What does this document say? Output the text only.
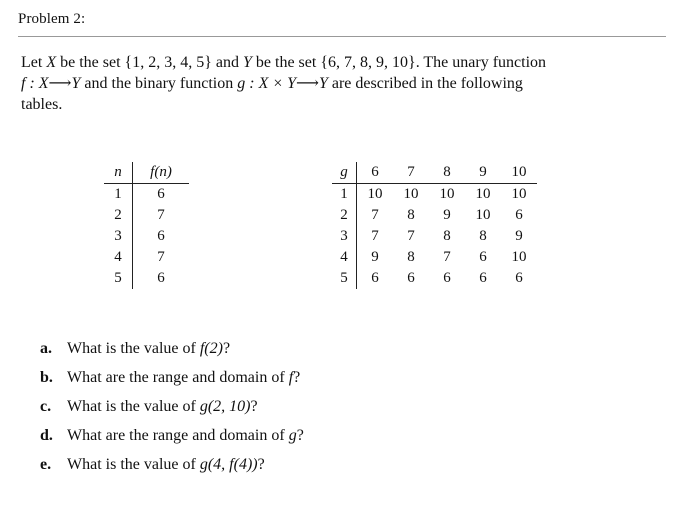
Problem 2:
Let X be the set {1, 2, 3, 4, 5} and Y be the set {6, 7, 8, 9, 10}. The unary function
f : X⟶Y and the binary function g : X × Y⟶Y are described in the following
tables.
n	f(n)
1	6
2	7
3	6
4	7
5	6
g	6	7	8	9	10
1	10	10	10	10	10
2	7	8	9	10	6
3	7	7	8	8	9
4	9	8	7	6	10
5	6	6	6	6	6
a. What is the value of f(2)?
b. What are the range and domain of f?
c. What is the value of g(2, 10)?
d. What are the range and domain of g?
e. What is the value of g(4, f(4))?
